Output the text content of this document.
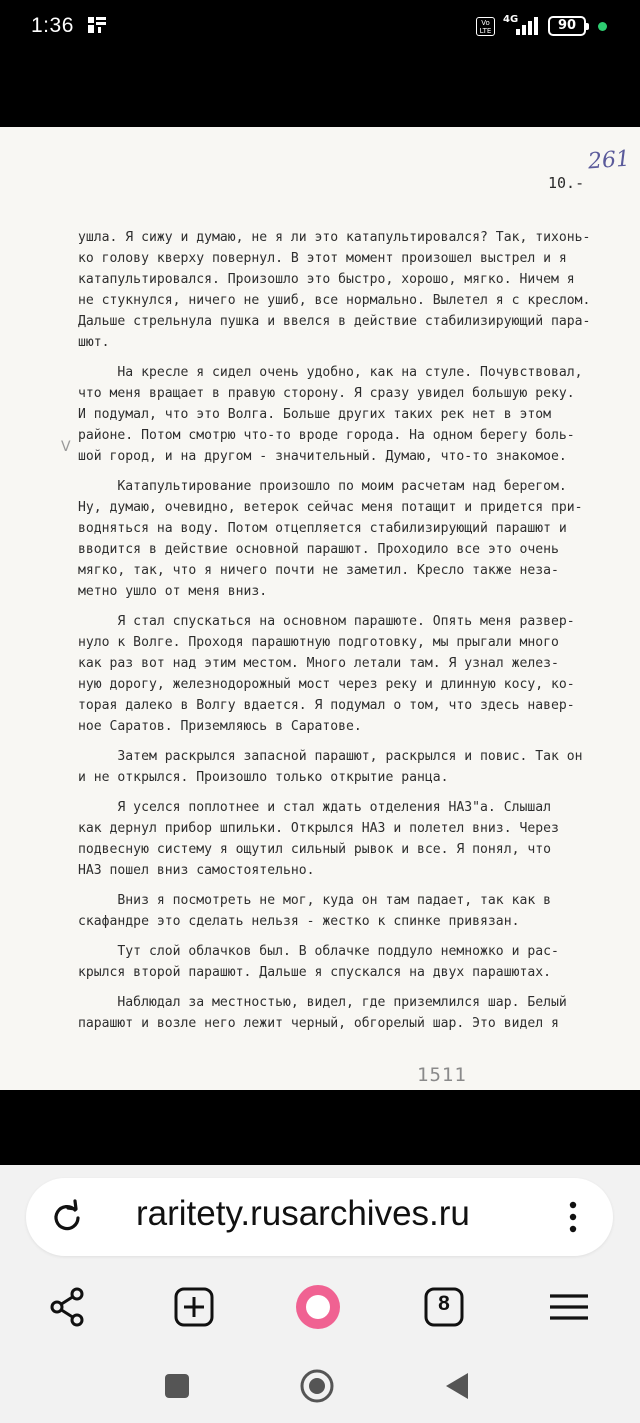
1:36	Vo LTE
4G	90
261
10.-
V

ушла. Я сижу и думаю, не я ли это катапультировался? Так, тихонь-
ко голову кверху повернул. В этот момент произошел выстрел и я
катапультировался. Произошло это быстро, хорошо, мягко. Ничем я
не стукнулся, ничего не ушиб, все нормально. Вылетел я с креслом.
Дальше стрельнула пушка и ввелся в действие стабилизирующий пара-
шют.

На кресле я сидел очень удобно, как на стуле. Почувствовал,
что меня вращает в правую сторону. Я сразу увидел большую реку.
И подумал, что это Волга. Больше других таких рек нет в этом
районе. Потом смотрю что-то вроде города. На одном берегу боль-
шой город, и на другом - значительный. Думаю, что-то знакомое.

Катапультирование произошло по моим расчетам над берегом.
Ну, думаю, очевидно, ветерок сейчас меня потащит и придется при-
водняться на воду. Потом отцепляется стабилизирующий парашют и
вводится в действие основной парашют. Проходило все это очень
мягко, так, что я ничего почти не заметил. Кресло также неза-
метно ушло от меня вниз.

Я стал спускаться на основном парашюте. Опять меня развер-
нуло к Волге. Проходя парашютную подготовку, мы прыгали много
как раз вот над этим местом. Много летали там. Я узнал желез-
ную дорогу, железнодорожный мост через реку и длинную косу, ко-
торая далеко в Волгу вдается. Я подумал о том, что здесь навер-
ное Саратов. Приземляюсь в Саратове.

Затем раскрылся запасной парашют, раскрылся и повис. Так он
и не открылся. Произошло только открытие ранца.

Я уселся поплотнее и стал ждать отделения НАЗ"а. Слышал
как дернул прибор шпильки. Открылся НАЗ и полетел вниз. Через
подвесную систему я ощутил сильный рывок и все. Я понял, что
НАЗ пошел вниз самостоятельно.

Вниз я посмотреть не мог, куда он там падает, так как в
скафандре это сделать нельзя - жестко к спинке привязан.

Тут слой облачков был. В облачке поддуло немножко и рас-
крылся второй парашют. Дальше я спускался на двух парашютах.

Наблюдал за местностью, видел, где приземлился шар. Белый
парашют и возле него лежит черный, обгорелый шар. Это видел я

1511
raritety.rusarchives.ru
8
